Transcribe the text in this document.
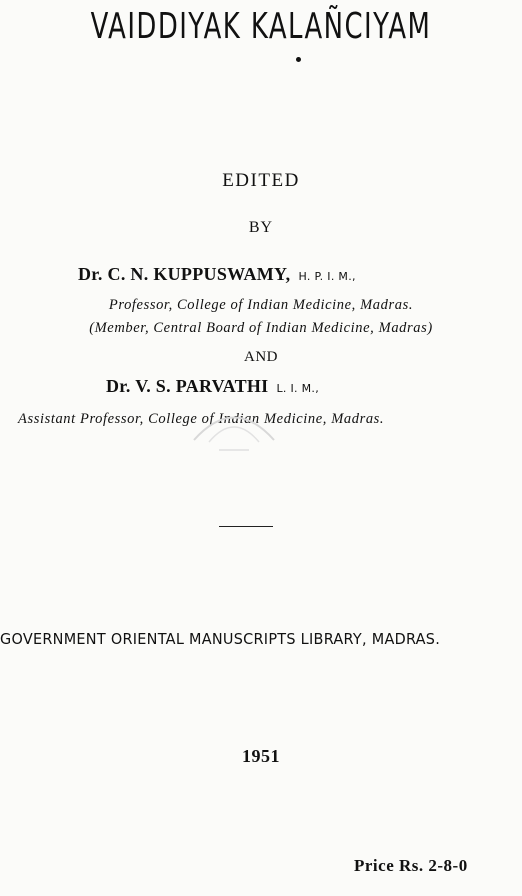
VAIDDIYAK KALAÑCIYAM
EDITED
BY
Dr. C. N. KUPPUSWAMY, H. P. I. M.,
Professor, College of Indian Medicine, Madras.
(Member, Central Board of Indian Medicine, Madras)
AND
Dr. V. S. PARVATHI L. I. M.,
Assistant Professor, College of Indian Medicine, Madras.
GOVERNMENT ORIENTAL MANUSCRIPTS LIBRARY, MADRAS.
1951
Price Rs. 2-8-0
